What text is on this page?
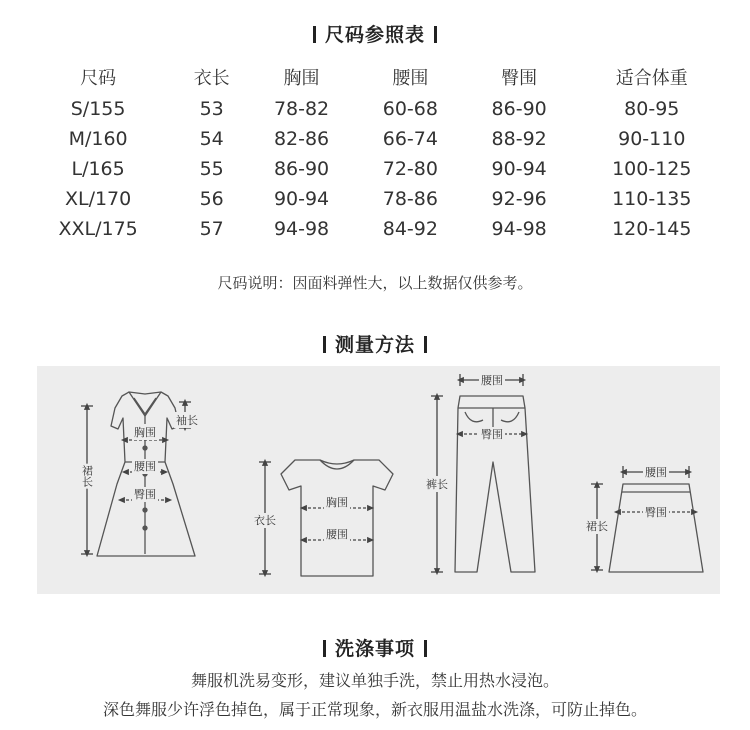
尺码参照表
尺码	衣长	胸围	腰围	臀围	适合体重
S/155	53	78-82	60-68	86-90	80-95
M/160	54	82-86	66-74	88-92	90-110
L/165	55	86-90	72-80	90-94	100-125
XL/170	56	90-94	78-86	92-96	110-135
XXL/175	57	94-98	84-92	94-98	120-145
尺码说明：因面料弹性大，以上数据仅供参考。
测量方法
裙长
袖长
胸围
腰围
臀围
衣长
胸围
腰围
腰围
臀围
裤长
腰围
臀围
裙长
洗涤事项
舞服机洗易变形，建议单独手洗，禁止用热水浸泡。
深色舞服少许浮色掉色，属于正常现象，新衣服用温盐水洗涤，可防止掉色。
